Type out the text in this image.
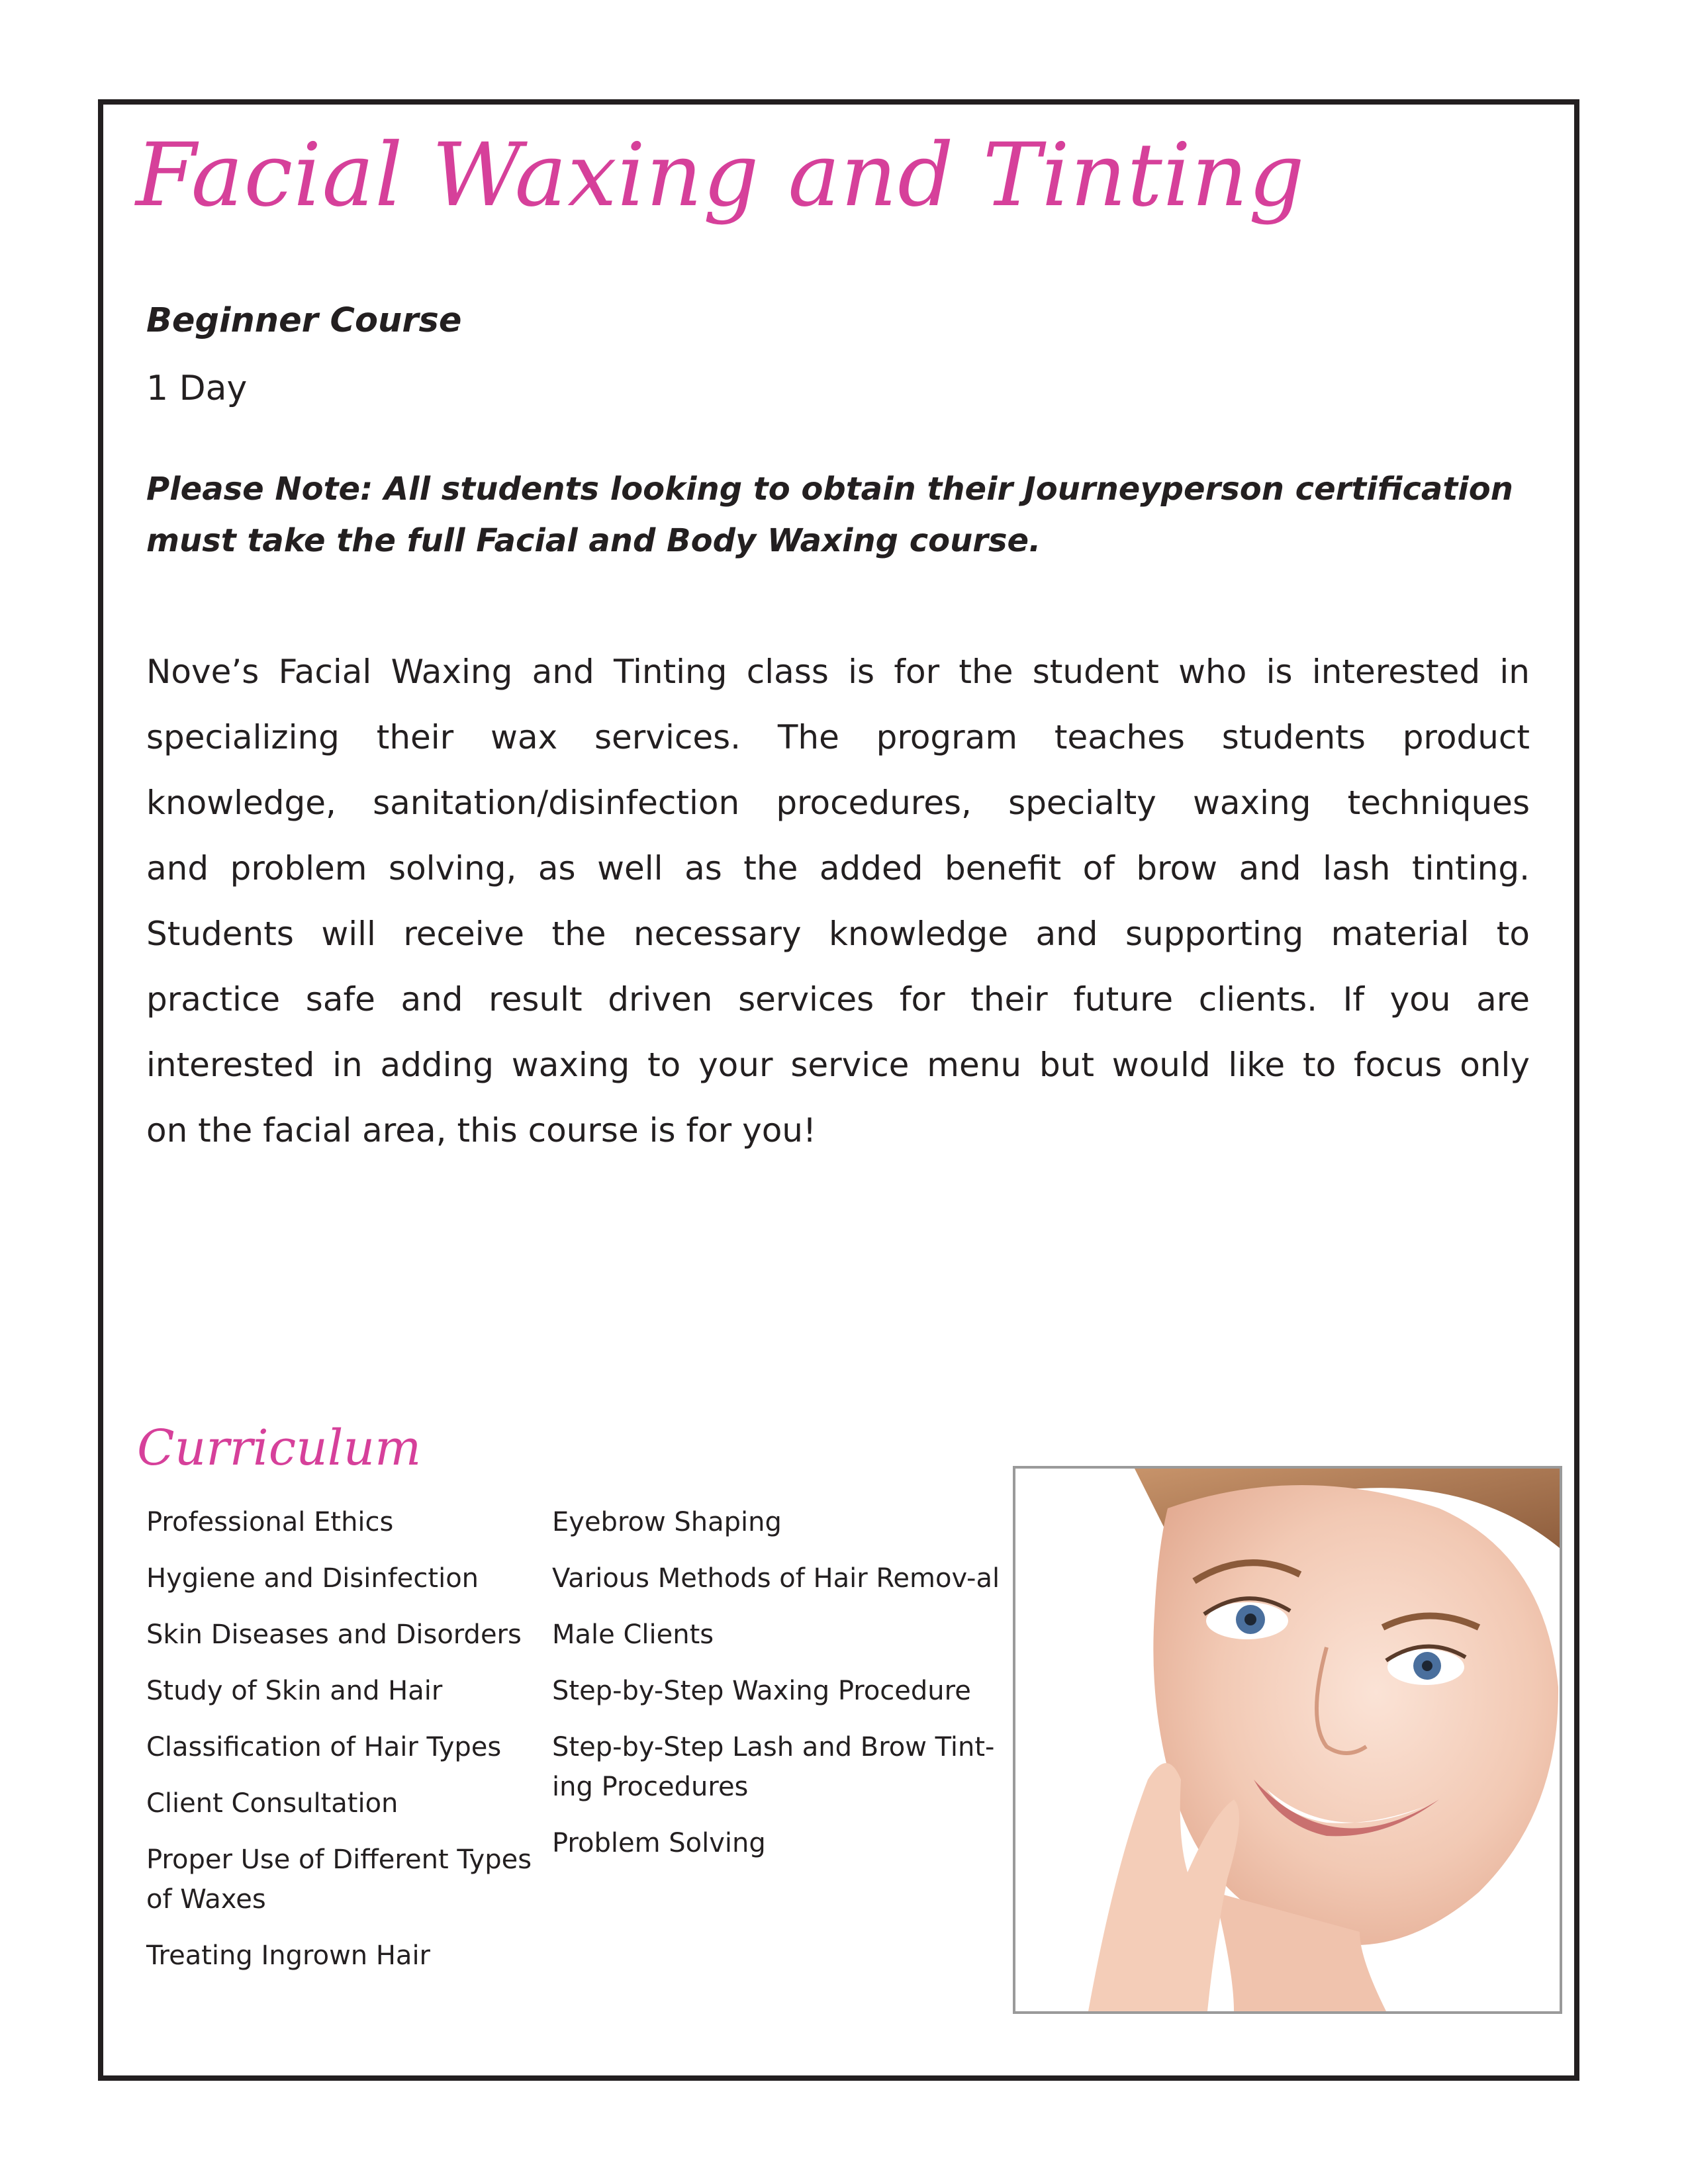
Facial Waxing and Tinting
Beginner Course
1 Day
Please Note: All students looking to obtain their Journeyperson certification
must take the full Facial and Body Waxing course.
Nove’s Facial Waxing and Tinting class is for the student who is interested in
specializing their wax services. The program teaches students product
knowledge, sanitation/disinfection procedures, specialty waxing techniques
and problem solving, as well as the added benefit of brow and lash tinting.
Students will receive the necessary knowledge and supporting material to
practice safe and result driven services for their future clients. If you are
interested in adding waxing to your service menu but would like to focus only
on the facial area, this course is for you!
Curriculum
Professional Ethics
Hygiene and Disinfection
Skin Diseases and Disorders
Study of Skin and Hair
Classification of Hair Types
Client Consultation
Proper Use of Different Types of Waxes
Treating Ingrown Hair
Eyebrow Shaping
Various Methods of Hair Remov-al
Male Clients
Step-by-Step Waxing Procedure
Step-by-Step Lash and Brow Tint-ing Procedures
Problem Solving
